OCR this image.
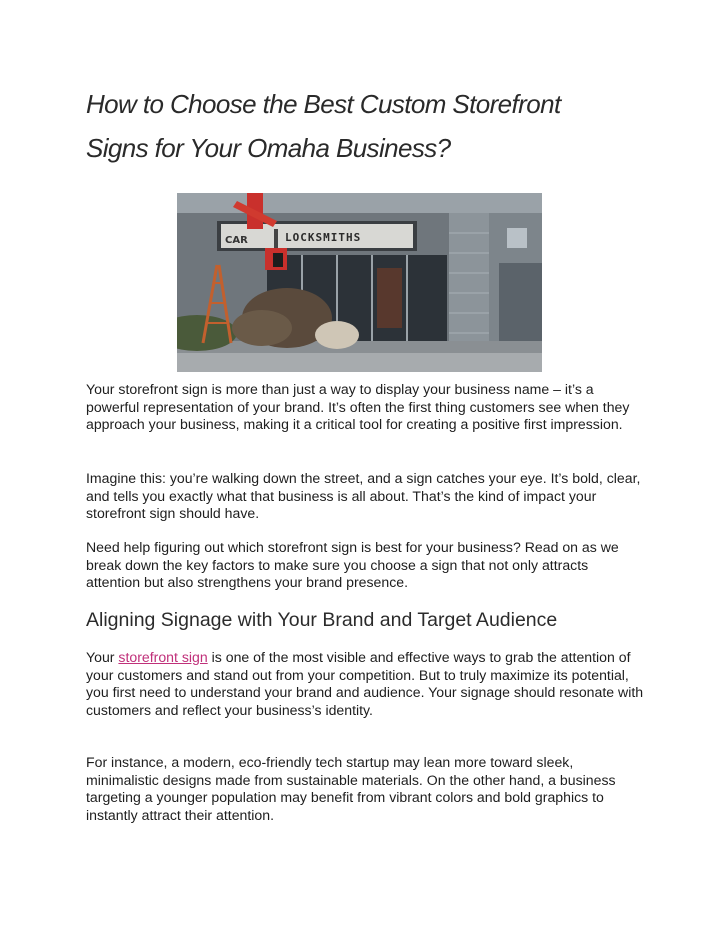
How to Choose the Best Custom Storefront
Signs for Your Omaha Business?
CAR	LOCKSMITHS

Your storefront sign is more than just a way to display your business name – it’s a powerful representation of your brand. It’s often the first thing customers see when they approach your business, making it a critical tool for creating a positive first impression.

Imagine this: you’re walking down the street, and a sign catches your eye. It’s bold, clear, and tells you exactly what that business is all about. That’s the kind of impact your storefront sign should have.

Need help figuring out which storefront sign is best for your business? Read on as we break down the key factors to make sure you choose a sign that not only attracts attention but also strengthens your brand presence.

Aligning Signage with Your Brand and Target Audience

Your storefront sign is one of the most visible and effective ways to grab the attention of your customers and stand out from your competition. But to truly maximize its potential, you first need to understand your brand and audience. Your signage should resonate with customers and reflect your business’s identity.

For instance, a modern, eco-friendly tech startup may lean more toward sleek, minimalistic designs made from sustainable materials. On the other hand, a business targeting a younger population may benefit from vibrant colors and bold graphics to instantly attract their attention.
